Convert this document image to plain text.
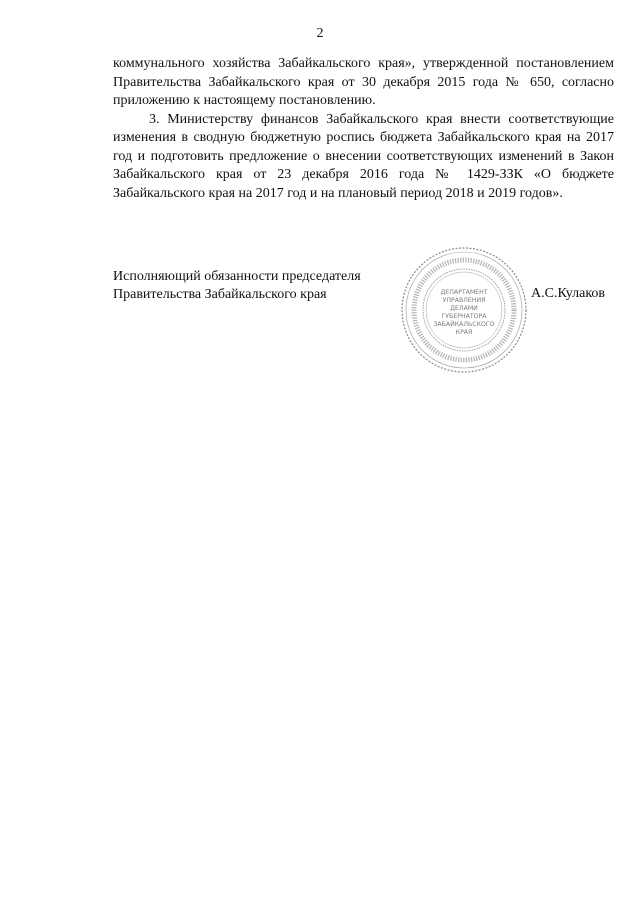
2

коммунального хозяйства Забайкальского края», утвержденной постановлением Правительства Забайкальского края от 30 декабря 2015 года № 650, согласно приложению к настоящему постановлению.

3. Министерству финансов Забайкальского края внести соответствующие изменения в сводную бюджетную роспись бюджета Забайкальского края на 2017 год и подготовить предложение о внесении соответствующих изменений в Закон Забайкальского края от 23 декабря 2016 года № 1429-ЗЗК «О бюджете Забайкальского края на 2017 год и на плановый период 2018 и 2019 годов».

Исполняющий обязанности председателя
Правительства Забайкальского края	ДЕПАРТАМЕНТ
УПРАВЛЕНИЯ
ДЕЛАМИ
ГУБЕРНАТОРА
ЗАБАЙКАЛЬСКОГО
КРАЯ
А.С.Кулаков
